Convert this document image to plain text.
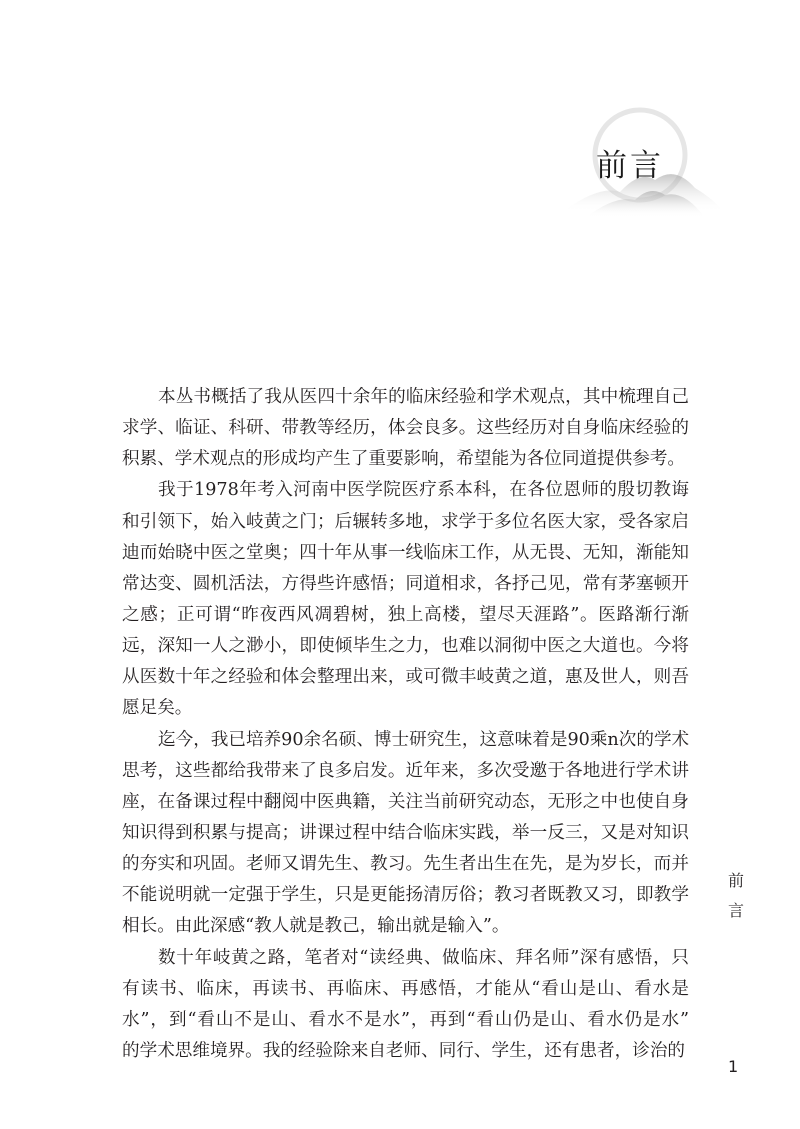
前言
本丛书概括了我从医四十余年的临床经验和学术观点，其中梳理自己
求学、临证、科研、带教等经历，体会良多。这些经历对自身临床经验的
积累、学术观点的形成均产生了重要影响，希望能为各位同道提供参考。
我于1978年考入河南中医学院医疗系本科，在各位恩师的殷切教诲
和引领下，始入岐黄之门；后辗转多地，求学于多位名医大家，受各家启
迪而始晓中医之堂奥；四十年从事一线临床工作，从无畏、无知，渐能知
常达变、圆机活法，方得些许感悟；同道相求，各抒己见，常有茅塞顿开
之感；正可谓“昨夜西风凋碧树，独上高楼，望尽天涯路”。医路渐行渐
远，深知一人之渺小，即使倾毕生之力，也难以洞彻中医之大道也。今将
从医数十年之经验和体会整理出来，或可微丰岐黄之道，惠及世人，则吾
愿足矣。
迄今，我已培养90余名硕、博士研究生，这意味着是90乘n次的学术
思考，这些都给我带来了良多启发。近年来，多次受邀于各地进行学术讲
座，在备课过程中翻阅中医典籍，关注当前研究动态，无形之中也使自身
知识得到积累与提高；讲课过程中结合临床实践，举一反三，又是对知识
的夯实和巩固。老师又谓先生、教习。先生者出生在先，是为岁长，而并
不能说明就一定强于学生，只是更能扬清厉俗；教习者既教又习，即教学
相长。由此深感“教人就是教己，输出就是输入”。
数十年岐黄之路，笔者对“读经典、做临床、拜名师”深有感悟，只
有读书、临床，再读书、再临床、再感悟，才能从“看山是山、看水是
水”，到“看山不是山、看水不是水”，再到“看山仍是山、看水仍是水”
的学术思维境界。我的经验除来自老师、同行、学生，还有患者，诊治的
前
言
1
